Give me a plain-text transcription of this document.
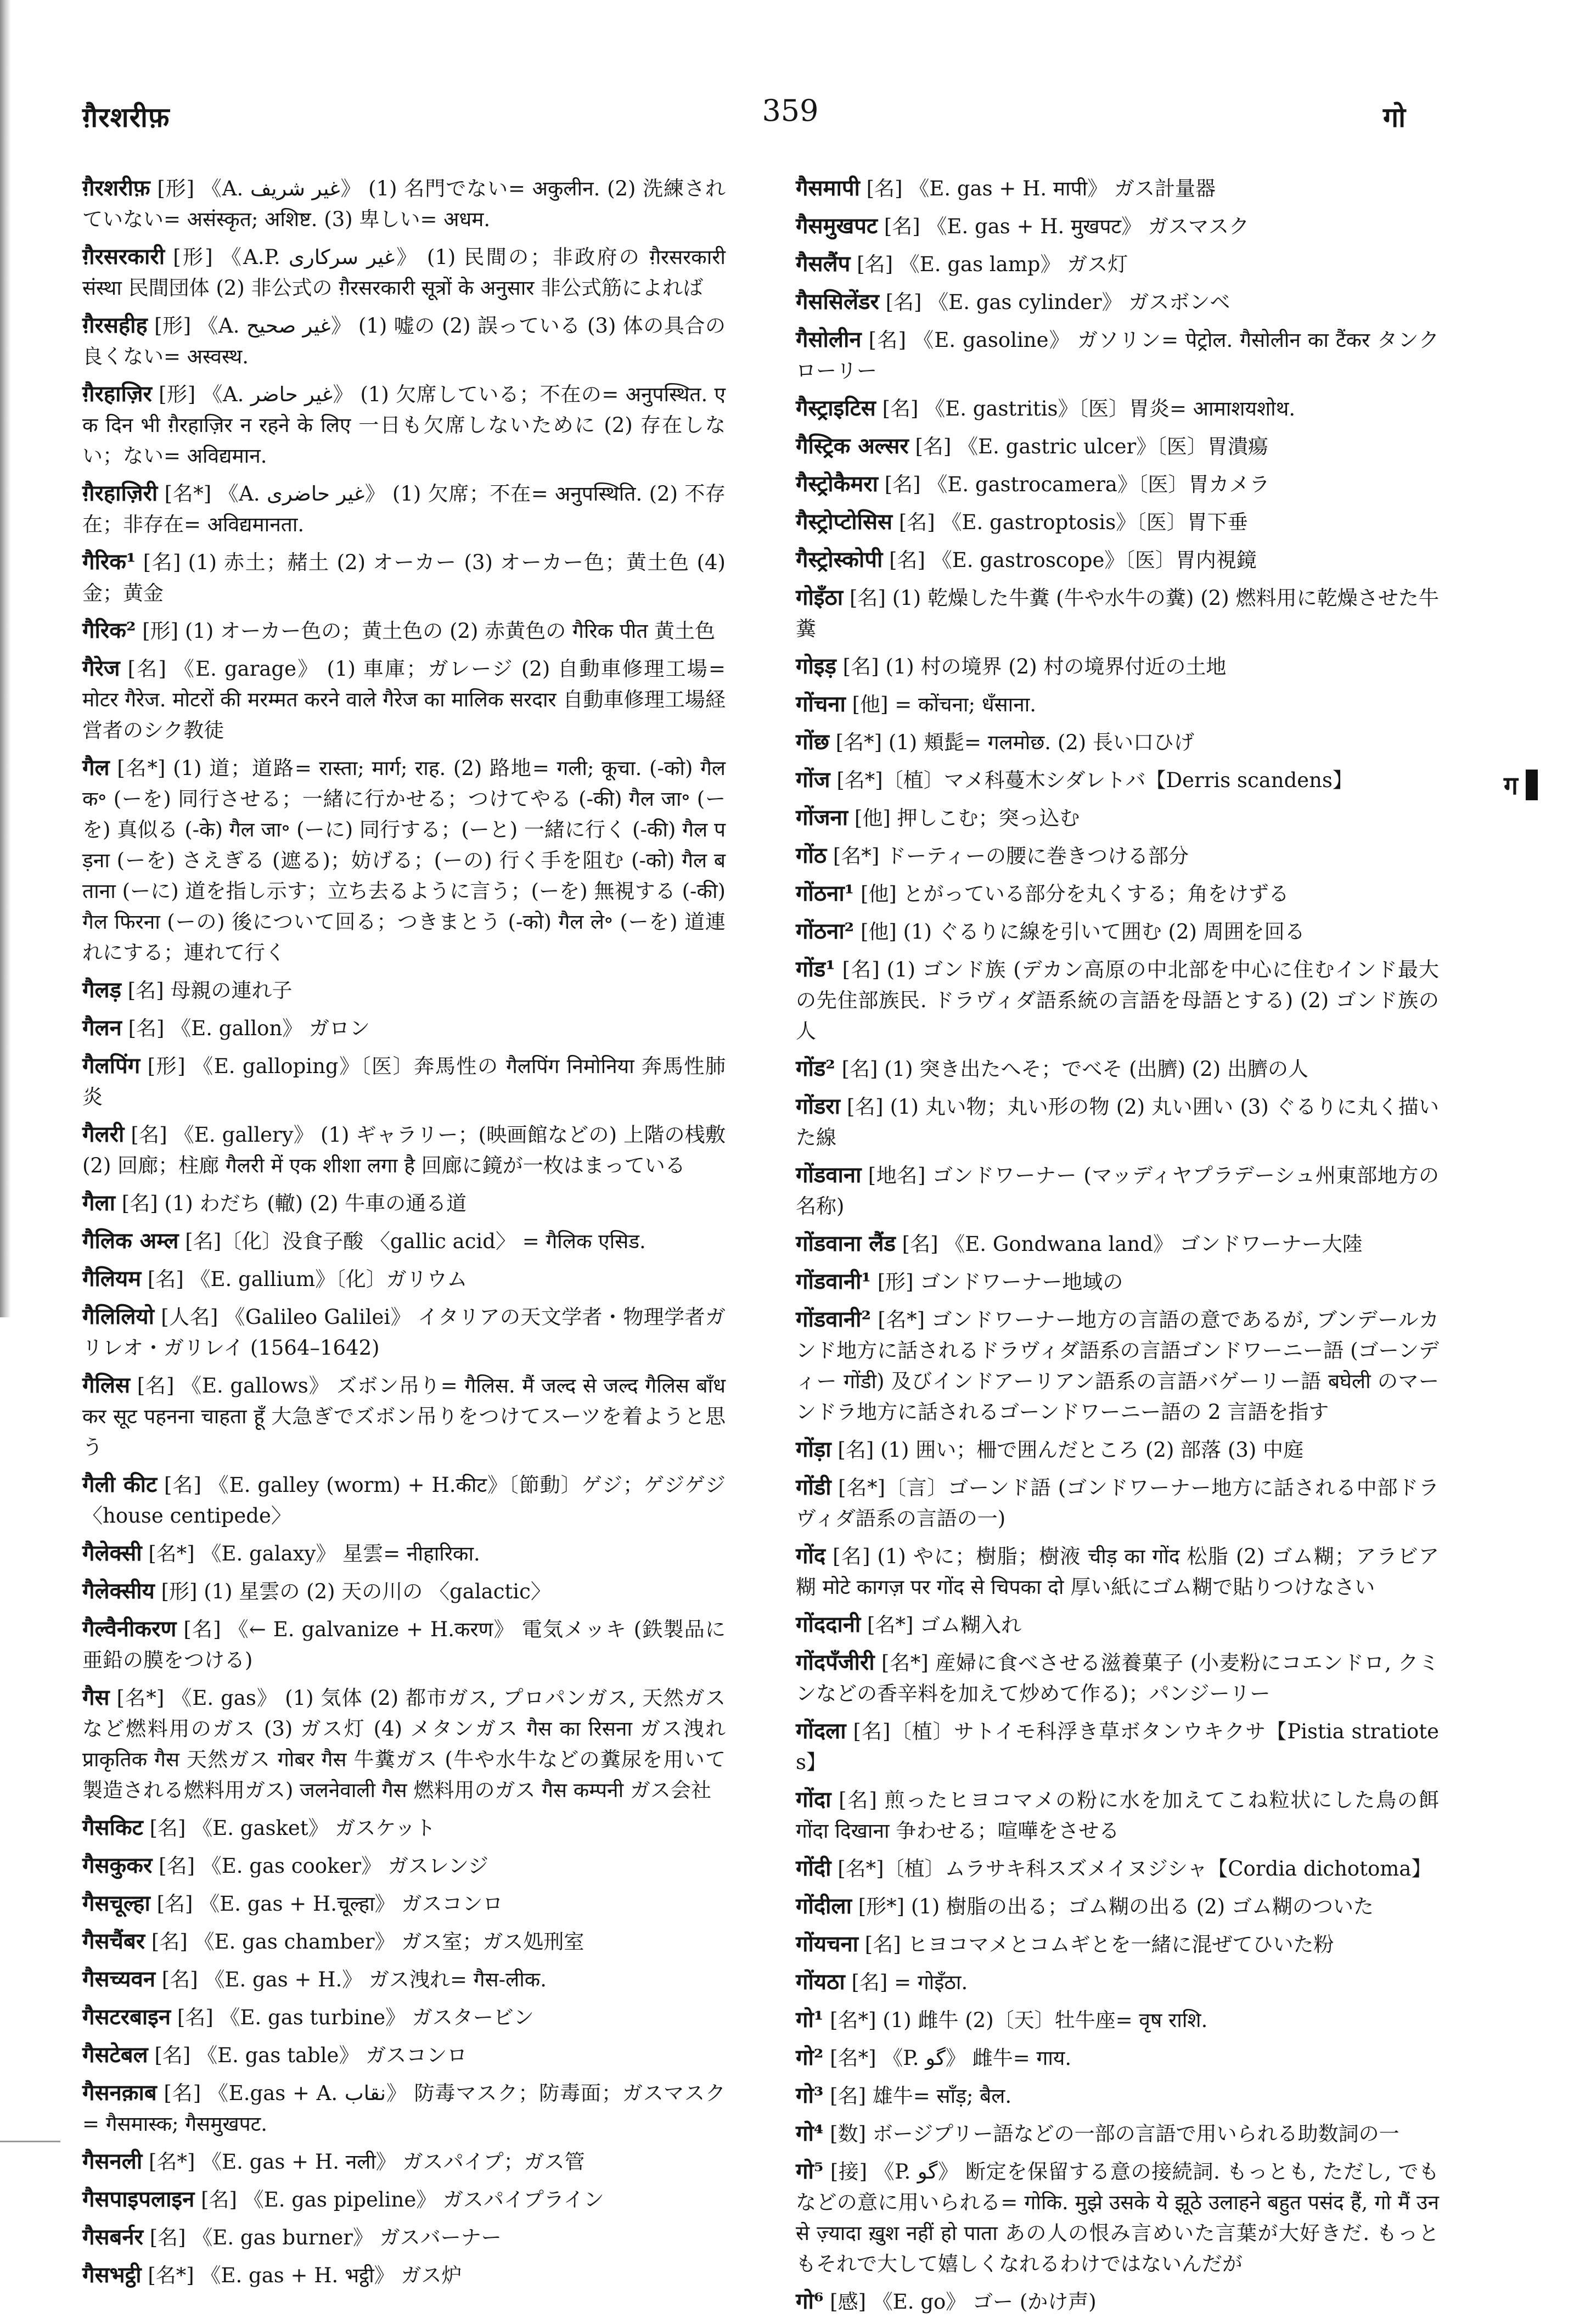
ग़ैरशरीफ़	359	गो
ग
ग़ैरशरीफ़ [形] 《A. غیر شریف》 (1) 名門でない= अकुलीन. (2) 洗練されていない= असंस्कृत; अशिष्ट. (3) 卑しい= अधम.
ग़ैरसरकारी [形] 《A.P. غیر سرکاری》 (1) 民間の；非政府の ग़ैरसरकारी संस्था 民間団体 (2) 非公式の ग़ैरसरकारी सूत्रों के अनुसार 非公式筋によれば
ग़ैरसहीह [形] 《A. غیر صحیح》 (1) 嘘の (2) 誤っている (3) 体の具合の良くない= अस्वस्थ.
ग़ैरहाज़िर [形] 《A. غیر حاضر》 (1) 欠席している；不在の= अनुपस्थित. एक दिन भी ग़ैरहाज़िर न रहने के लिए 一日も欠席しないために (2) 存在しない；ない= अविद्यमान.
ग़ैरहाज़िरी [名*] 《A. غیر حاضری》 (1) 欠席；不在= अनुपस्थिति. (2) 不存在；非存在= अविद्यमानता.
गैरिक¹ [名] (1) 赤土；赭土 (2) オーカー (3) オーカー色；黄土色 (4) 金；黄金
गैरिक² [形] (1) オーカー色の；黄土色の (2) 赤黄色の गैरिक पीत 黄土色
गैरेज [名] 《E. garage》 (1) 車庫；ガレージ (2) 自動車修理工場= मोटर गैरेज. मोटरों की मरम्मत करने वाले गैरेज का मालिक सरदार 自動車修理工場経営者のシク教徒
गैल [名*] (1) 道；道路= रास्ता; मार्ग; राह. (2) 路地= गली; कूचा. (-को) गैल क॰ (ーを) 同行させる；一緒に行かせる；つけてやる (-की) गैल जा॰ (ーを) 真似る (-के) गैल जा॰ (ーに) 同行する；(ーと) 一緒に行く (-की) गैल पड़ना (ーを) さえぎる (遮る)；妨げる；(ーの) 行く手を阻む (-को) गैल बताना (ーに) 道を指し示す；立ち去るように言う；(ーを) 無視する (-की) गैल फिरना (ーの) 後について回る；つきまとう (-को) गैल ले॰ (ーを) 道連れにする；連れて行く
गैलड़ [名] 母親の連れ子
गैलन [名] 《E. gallon》 ガロン
गैलपिंग [形] 《E. galloping》〔医〕奔馬性の गैलपिंग निमोनिया 奔馬性肺炎
गैलरी [名] 《E. gallery》 (1) ギャラリー；(映画館などの) 上階の桟敷 (2) 回廊；柱廊 गैलरी में एक शीशा लगा है 回廊に鏡が一枚はまっている
गैला [名] (1) わだち (轍) (2) 牛車の通る道
गैलिक अम्ल [名]〔化〕没食子酸 〈gallic acid〉 = गैलिक एसिड.
गैलियम [名] 《E. gallium》〔化〕ガリウム
गैलिलियो [人名] 《Galileo Galilei》 イタリアの天文学者・物理学者ガリレオ・ガリレイ (1564–1642)
गैलिस [名] 《E. gallows》 ズボン吊り= गैलिस. मैं जल्द से जल्द गैलिस बाँधकर सूट पहनना चाहता हूँ 大急ぎでズボン吊りをつけてスーツを着ようと思う
गैली कीट [名] 《E. galley (worm) + H.कीट》〔節動〕ゲジ；ゲジゲジ 〈house centipede〉
गैलेक्सी [名*] 《E. galaxy》 星雲= नीहारिका.
गैलेक्सीय [形] (1) 星雲の (2) 天の川の 〈galactic〉
गैल्वैनीकरण [名] 《← E. galvanize + H.करण》 電気メッキ (鉄製品に亜鉛の膜をつける)
गैस [名*] 《E. gas》 (1) 気体 (2) 都市ガス, プロパンガス, 天然ガスなど燃料用のガス (3) ガス灯 (4) メタンガス गैस का रिसना ガス洩れ प्राकृतिक गैस 天然ガス गोबर गैस 牛糞ガス (牛や水牛などの糞尿を用いて製造される燃料用ガス) जलनेवाली गैस 燃料用のガス गैस कम्पनी ガス会社
गैसकिट [名] 《E. gasket》 ガスケット
गैसकुकर [名] 《E. gas cooker》 ガスレンジ
गैसचूल्हा [名] 《E. gas + H.चूल्हा》 ガスコンロ
गैसचैंबर [名] 《E. gas chamber》 ガス室；ガス処刑室
गैसच्यवन [名] 《E. gas + H.》 ガス洩れ= गैस-लीक.
गैसटरबाइन [名] 《E. gas turbine》 ガスタービン
गैसटेबल [名] 《E. gas table》 ガスコンロ
गैसनक़ाब [名] 《E.gas + A. نقاب》 防毒マスク；防毒面；ガスマスク= गैसमास्क; गैसमुखपट.
गैसनली [名*] 《E. gas + H. नली》 ガスパイプ；ガス管
गैसपाइपलाइन [名] 《E. gas pipeline》 ガスパイプライン
गैसबर्नर [名] 《E. gas burner》 ガスバーナー
गैसभट्ठी [名*] 《E. gas + H. भट्ठी》 ガス炉
गैसमापी [名] 《E. gas + H. मापी》 ガス計量器
गैसमुखपट [名] 《E. gas + H. मुखपट》 ガスマスク
गैसलैंप [名] 《E. gas lamp》 ガス灯
गैससिलेंडर [名] 《E. gas cylinder》 ガスボンベ
गैसोलीन [名] 《E. gasoline》 ガソリン= पेट्रोल. गैसोलीन का टैंकर タンクローリー
गैस्ट्राइटिस [名] 《E. gastritis》〔医〕胃炎= आमाशयशोथ.
गैस्ट्रिक अल्सर [名] 《E. gastric ulcer》〔医〕胃潰瘍
गैस्ट्रोकैमरा [名] 《E. gastrocamera》〔医〕胃カメラ
गैस्ट्रोप्टोसिस [名] 《E. gastroptosis》〔医〕胃下垂
गैस्ट्रोस्कोपी [名] 《E. gastroscope》〔医〕胃内視鏡
गोइँठा [名] (1) 乾燥した牛糞 (牛や水牛の糞) (2) 燃料用に乾燥させた牛糞
गोइड़ [名] (1) 村の境界 (2) 村の境界付近の土地
गोंचना [他] = कोंचना; धँसाना.
गोंछ [名*] (1) 頬髭= गलमोछ. (2) 長い口ひげ
गोंज [名*]〔植〕マメ科蔓木シダレトバ【Derris scandens】
गोंजना [他] 押しこむ；突っ込む
गोंठ [名*] ドーティーの腰に巻きつける部分
गोंठना¹ [他] とがっている部分を丸くする；角をけずる
गोंठना² [他] (1) ぐるりに線を引いて囲む (2) 周囲を回る
गोंड¹ [名] (1) ゴンド族 (デカン高原の中北部を中心に住むインド最大の先住部族民. ドラヴィダ語系統の言語を母語とする) (2) ゴンド族の人
गोंड² [名] (1) 突き出たへそ；でべそ (出臍) (2) 出臍の人
गोंडरा [名] (1) 丸い物；丸い形の物 (2) 丸い囲い (3) ぐるりに丸く描いた線
गोंडवाना [地名] ゴンドワーナー (マッディヤプラデーシュ州東部地方の名称)
गोंडवाना लैंड [名] 《E. Gondwana land》 ゴンドワーナー大陸
गोंडवानी¹ [形] ゴンドワーナー地域の
गोंडवानी² [名*] ゴンドワーナー地方の言語の意であるが, ブンデールカンド地方に話されるドラヴィダ語系の言語ゴンドワーニー語 (ゴーンディー गोंडी) 及びインドアーリアン語系の言語バゲーリー語 बघेली のマーンドラ地方に話されるゴーンドワーニー語の 2 言語を指す
गोंड़ा [名] (1) 囲い；柵で囲んだところ (2) 部落 (3) 中庭
गोंडी [名*]〔言〕ゴーンド語 (ゴンドワーナー地方に話される中部ドラヴィダ語系の言語の一)
गोंद [名] (1) やに；樹脂；樹液 चीड़ का गोंद 松脂 (2) ゴム糊；アラビア糊 मोटे कागज़ पर गोंद से चिपका दो 厚い紙にゴム糊で貼りつけなさい
गोंददानी [名*] ゴム糊入れ
गोंदपँजीरी [名*] 産婦に食べさせる滋養菓子 (小麦粉にコエンドロ, クミンなどの香辛料を加えて炒めて作る)；パンジーリー
गोंदला [名]〔植〕サトイモ科浮き草ボタンウキクサ【Pistia stratiotes】
गोंदा [名] 煎ったヒヨコマメの粉に水を加えてこね粒状にした鳥の餌 गोंदा दिखाना 争わせる；喧嘩をさせる
गोंदी [名*]〔植〕ムラサキ科スズメイヌジシャ【Cordia dichotoma】
गोंदीला [形*] (1) 樹脂の出る；ゴム糊の出る (2) ゴム糊のついた
गोंयचना [名] ヒヨコマメとコムギとを一緒に混ぜてひいた粉
गोंयठा [名] = गोइँठा.
गो¹ [名*] (1) 雌牛 (2)〔天〕牡牛座= वृष राशि.
गो² [名*] 《P. گو》 雌牛= गाय.
गो³ [名] 雄牛= साँड़; बैल.
गो⁴ [数] ボージプリー語などの一部の言語で用いられる助数詞の一
गो⁵ [接] 《P. گو》 断定を保留する意の接続詞. もっとも, ただし, でもなどの意に用いられる= गोकि. मुझे उसके ये झूठे उलाहने बहुत पसंद हैं, गो मैं उनसे ज़्यादा ख़ुश नहीं हो पाता あの人の恨み言めいた言葉が大好きだ. もっともそれで大して嬉しくなれるわけではないんだが
गो⁶ [感] 《E. go》 ゴー (かけ声)
